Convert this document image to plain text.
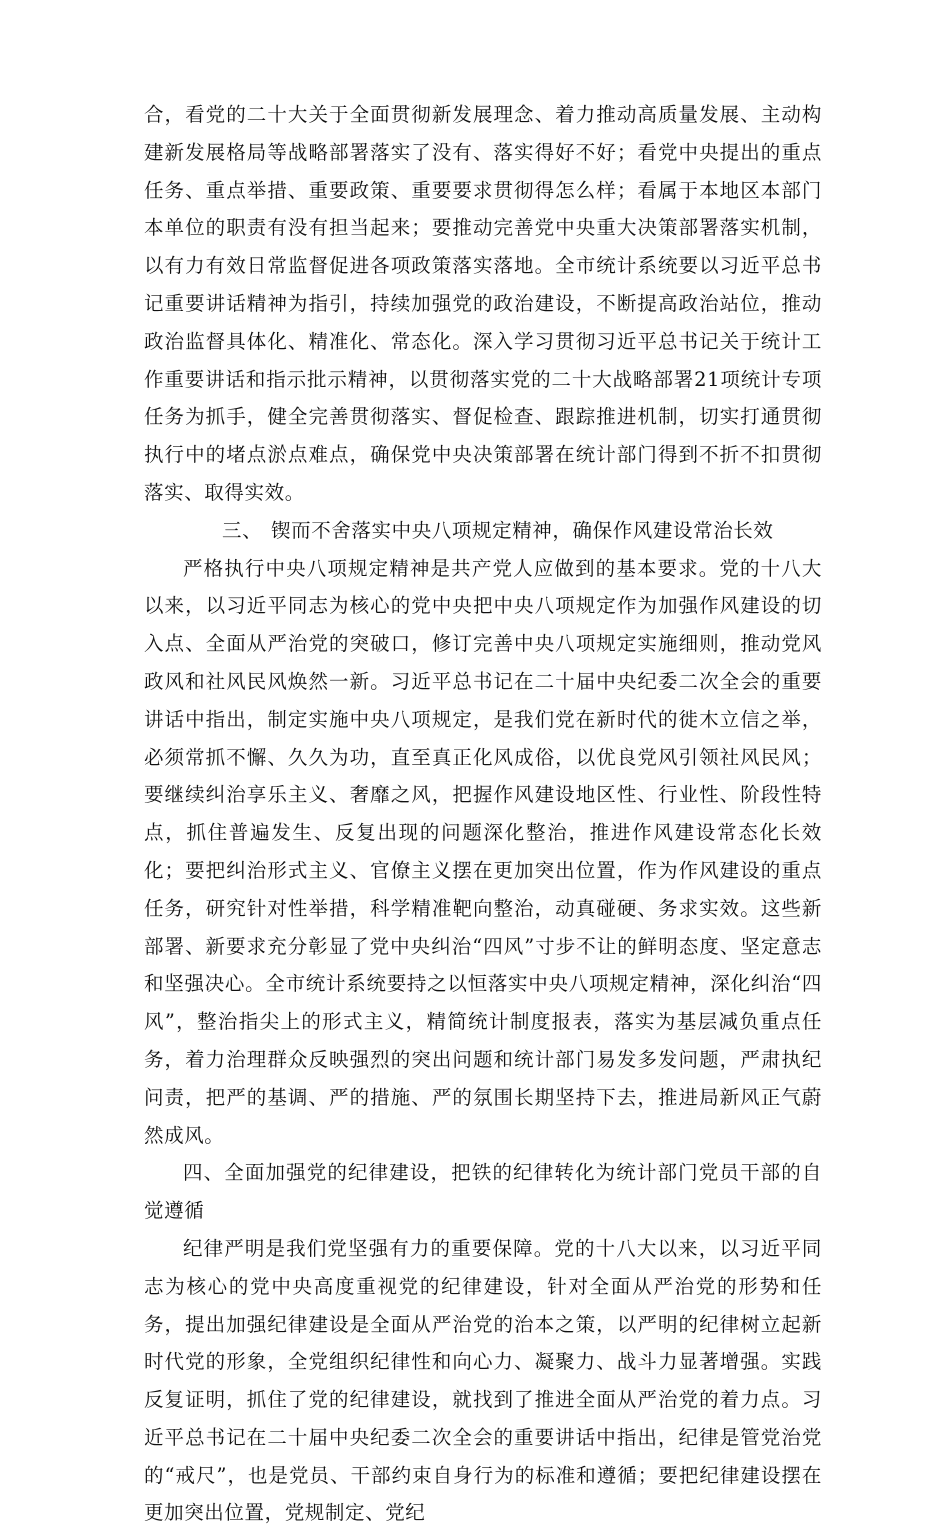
合，看党的二十大关于全面贯彻新发展理念、着力推动高质量发展、主动构建新发展格局等战略部署落实了没有、落实得好不好；看党中央提出的重点任务、重点举措、重要政策、重要要求贯彻得怎么样；看属于本地区本部门本单位的职责有没有担当起来；要推动完善党中央重大决策部署落实机制，以有力有效日常监督促进各项政策落实落地。全市统计系统要以习近平总书记重要讲话精神为指引，持续加强党的政治建设，不断提高政治站位，推动政治监督具体化、精准化、常态化。深入学习贯彻习近平总书记关于统计工作重要讲话和指示批示精神，以贯彻落实党的二十大战略部署21项统计专项任务为抓手，健全完善贯彻落实、督促检查、跟踪推进机制，切实打通贯彻执行中的堵点淤点难点，确保党中央决策部署在统计部门得到不折不扣贯彻落实、取得实效。

三、 锲而不舍落实中央八项规定精神，确保作风建设常治长效

严格执行中央八项规定精神是共产党人应做到的基本要求。党的十八大以来，以习近平同志为核心的党中央把中央八项规定作为加强作风建设的切入点、全面从严治党的突破口，修订完善中央八项规定实施细则，推动党风政风和社风民风焕然一新。习近平总书记在二十届中央纪委二次全会的重要讲话中指出，制定实施中央八项规定，是我们党在新时代的徙木立信之举，必须常抓不懈、久久为功，直至真正化风成俗，以优良党风引领社风民风；要继续纠治享乐主义、奢靡之风，把握作风建设地区性、行业性、阶段性特点，抓住普遍发生、反复出现的问题深化整治，推进作风建设常态化长效化；要把纠治形式主义、官僚主义摆在更加突出位置，作为作风建设的重点任务，研究针对性举措，科学精准靶向整治，动真碰硬、务求实效。这些新部署、新要求充分彰显了党中央纠治“四风”寸步不让的鲜明态度、坚定意志和坚强决心。全市统计系统要持之以恒落实中央八项规定精神，深化纠治“四风”，整治指尖上的形式主义，精简统计制度报表，落实为基层减负重点任务，着力治理群众反映强烈的突出问题和统计部门易发多发问题，严肃执纪问责，把严的基调、严的措施、严的氛围长期坚持下去，推进局新风正气蔚然成风。

四、全面加强党的纪律建设，把铁的纪律转化为统计部门党员干部的自觉遵循

纪律严明是我们党坚强有力的重要保障。党的十八大以来，以习近平同志为核心的党中央高度重视党的纪律建设，针对全面从严治党的形势和任务，提出加强纪律建设是全面从严治党的治本之策，以严明的纪律树立起新时代党的形象，全党组织纪律性和向心力、凝聚力、战斗力显著增强。实践反复证明，抓住了党的纪律建设，就找到了推进全面从严治党的着力点。习近平总书记在二十届中央纪委二次全会的重要讲话中指出，纪律是管党治党的“戒尺”，也是党员、干部约束自身行为的标准和遵循；要把纪律建设摆在更加突出位置，党规制定、党纪
